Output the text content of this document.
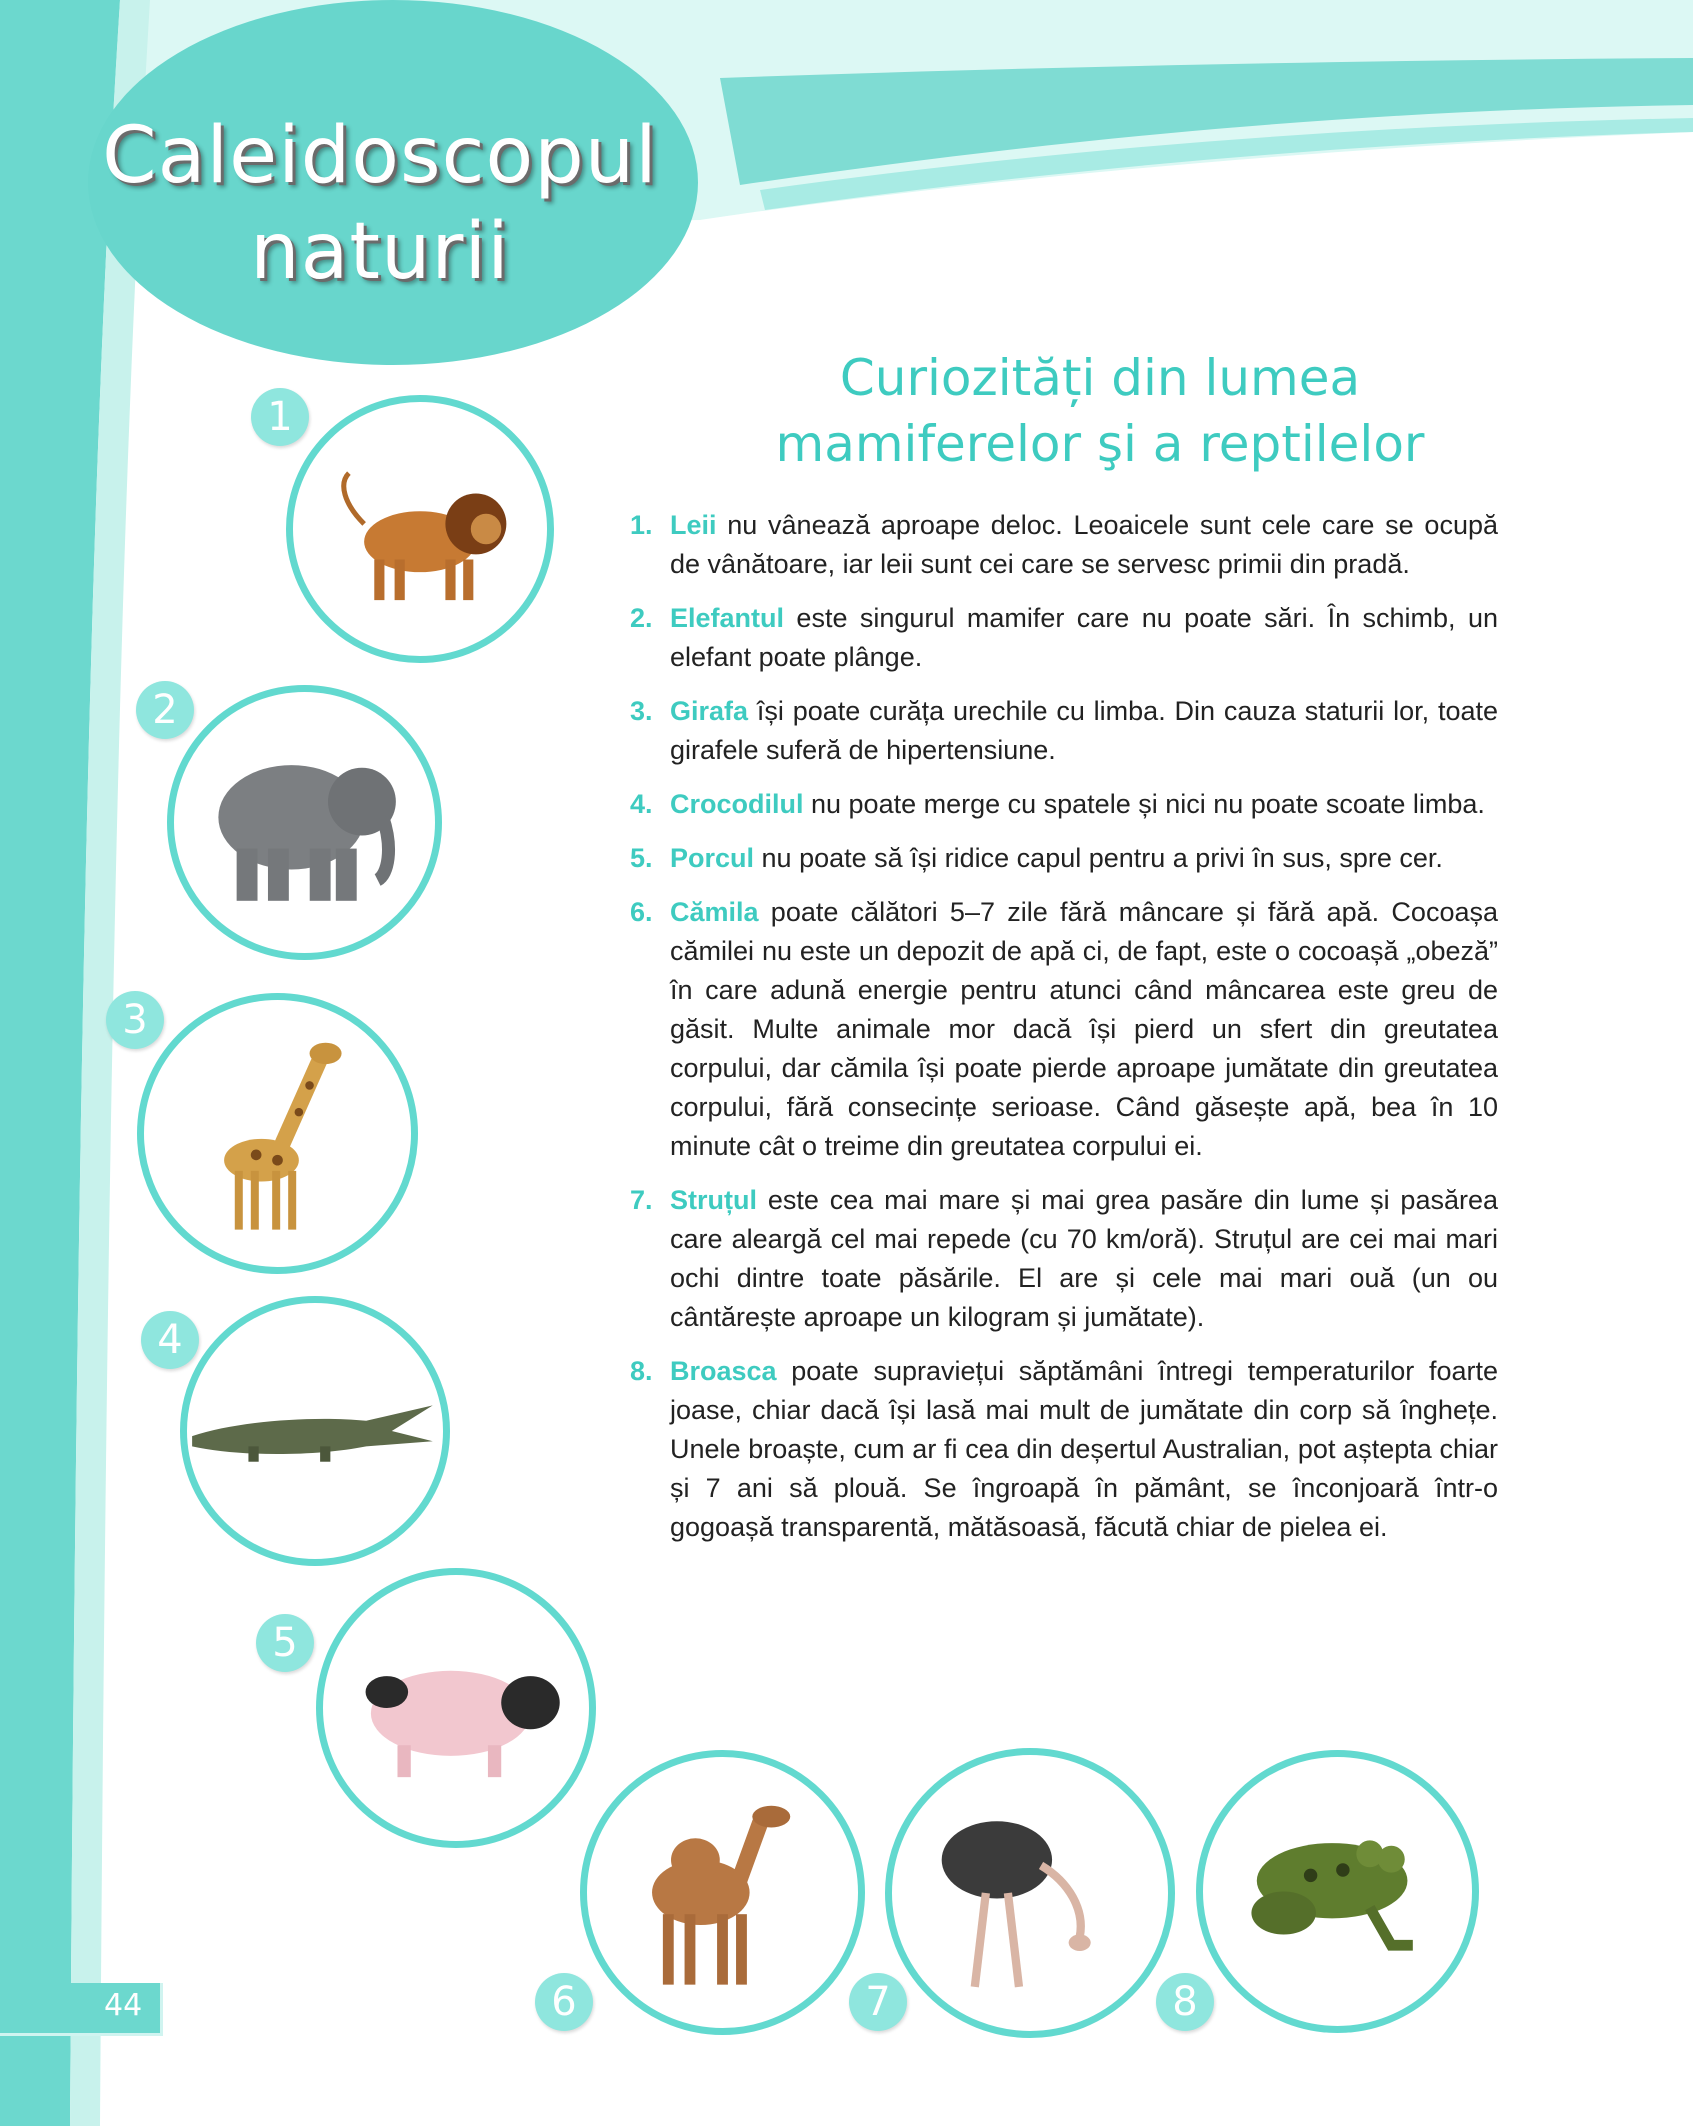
Caleidoscopul
naturii
Curiozități din lumea
mamiferelor şi a reptilelor
1. Leii nu vânează aproape deloc. Leoaicele sunt cele care se ocupă de vânătoare, iar leii sunt cei care se servesc primii din pradă.
2. Elefantul este singurul mamifer care nu poate sări. În schimb, un elefant poate plânge.
3. Girafa își poate curăța urechile cu limba. Din cauza staturii lor, toate girafele suferă de hipertensiune.
4. Crocodilul nu poate merge cu spatele și nici nu poate scoate limba.
5. Porcul nu poate să își ridice capul pentru a privi în sus, spre cer.
6. Cămila poate călători 5–7 zile fără mâncare și fără apă. Cocoașa cămilei nu este un depozit de apă ci, de fapt, este o cocoașă „obeză” în care adună energie pentru atunci când mâncarea este greu de găsit. Multe animale mor dacă își pierd un sfert din greutatea corpului, dar cămila își poate pierde aproape jumătate din greutatea corpului, fără consecințe serioase. Când găsește apă, bea în 10 minute cât o treime din greutatea corpului ei.
7. Struțul este cea mai mare și mai grea pasăre din lume și pasărea care aleargă cel mai repede (cu 70 km/oră). Struțul are cei mai mari ochi dintre toate păsările. El are și cele mai mari ouă (un ou cântărește aproape un kilogram și jumătate).
8. Broasca poate supraviețui săptămâni întregi temperaturilor foarte joase, chiar dacă își lasă mai mult de jumătate din corp să înghețe. Unele broaște, cum ar fi cea din deșertul Australian, pot aștepta chiar și 7 ani să plouă. Se îngroapă în pământ, se înconjoară într-o gogoașă transparentă, mătăsoasă, făcută chiar de pielea ei.
1
2
3
4
5
6	7	8
44
